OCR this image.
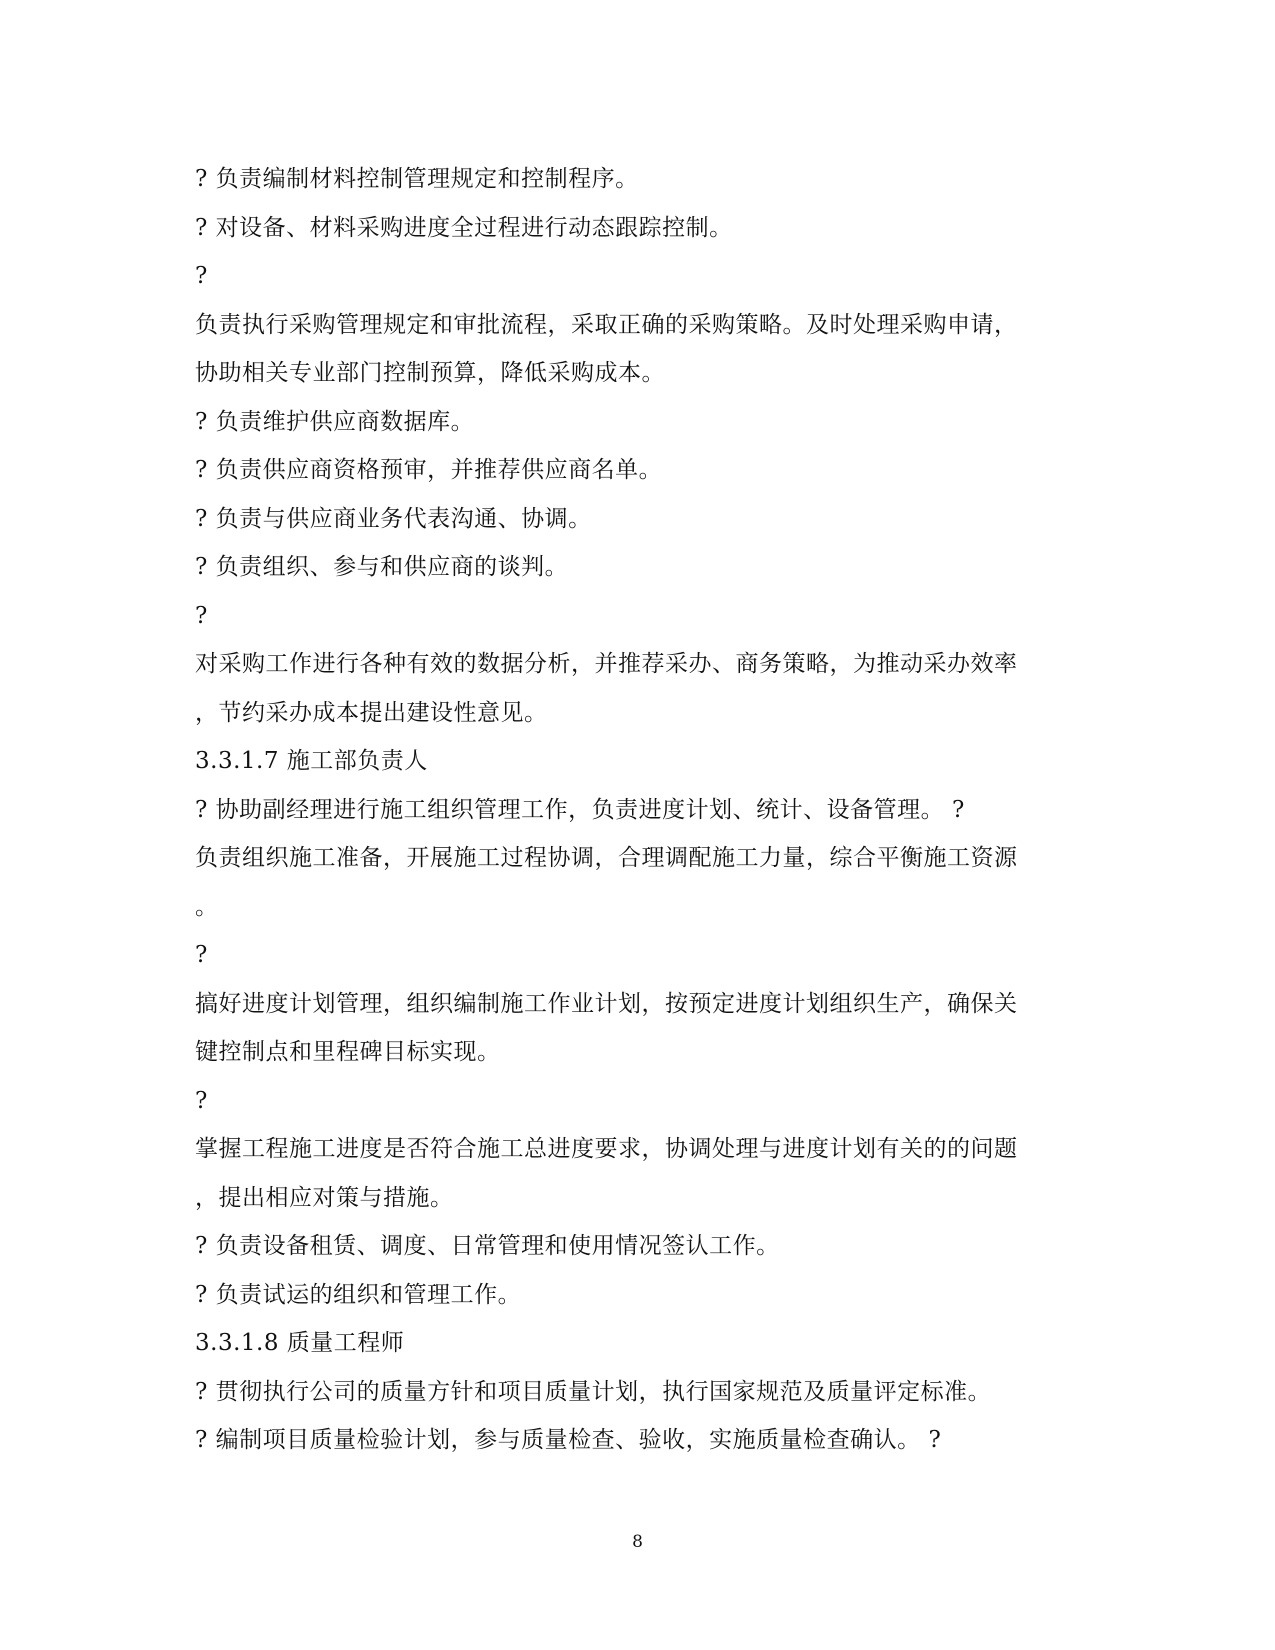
? 负责编制材料控制管理规定和控制程序。
? 对设备、材料采购进度全过程进行动态跟踪控制。
?
负责执行采购管理规定和审批流程，采取正确的采购策略。及时处理采购申请，
协助相关专业部门控制预算，降低采购成本。
? 负责维护供应商数据库。
? 负责供应商资格预审，并推荐供应商名单。
? 负责与供应商业务代表沟通、协调。
? 负责组织、参与和供应商的谈判。
?
对采购工作进行各种有效的数据分析，并推荐采办、商务策略，为推动采办效率
，节约采办成本提出建设性意见。
3.3.1.7 施工部负责人
? 协助副经理进行施工组织管理工作，负责进度计划、统计、设备管理。 ?
负责组织施工准备，开展施工过程协调，合理调配施工力量，综合平衡施工资源
。
?
搞好进度计划管理，组织编制施工作业计划，按预定进度计划组织生产，确保关
键控制点和里程碑目标实现。
?
掌握工程施工进度是否符合施工总进度要求，协调处理与进度计划有关的的问题
，提出相应对策与措施。
? 负责设备租赁、调度、日常管理和使用情况签认工作。
? 负责试运的组织和管理工作。
3.3.1.8 质量工程师
? 贯彻执行公司的质量方针和项目质量计划，执行国家规范及质量评定标准。
? 编制项目质量检验计划，参与质量检查、验收，实施质量检查确认。 ?
8
